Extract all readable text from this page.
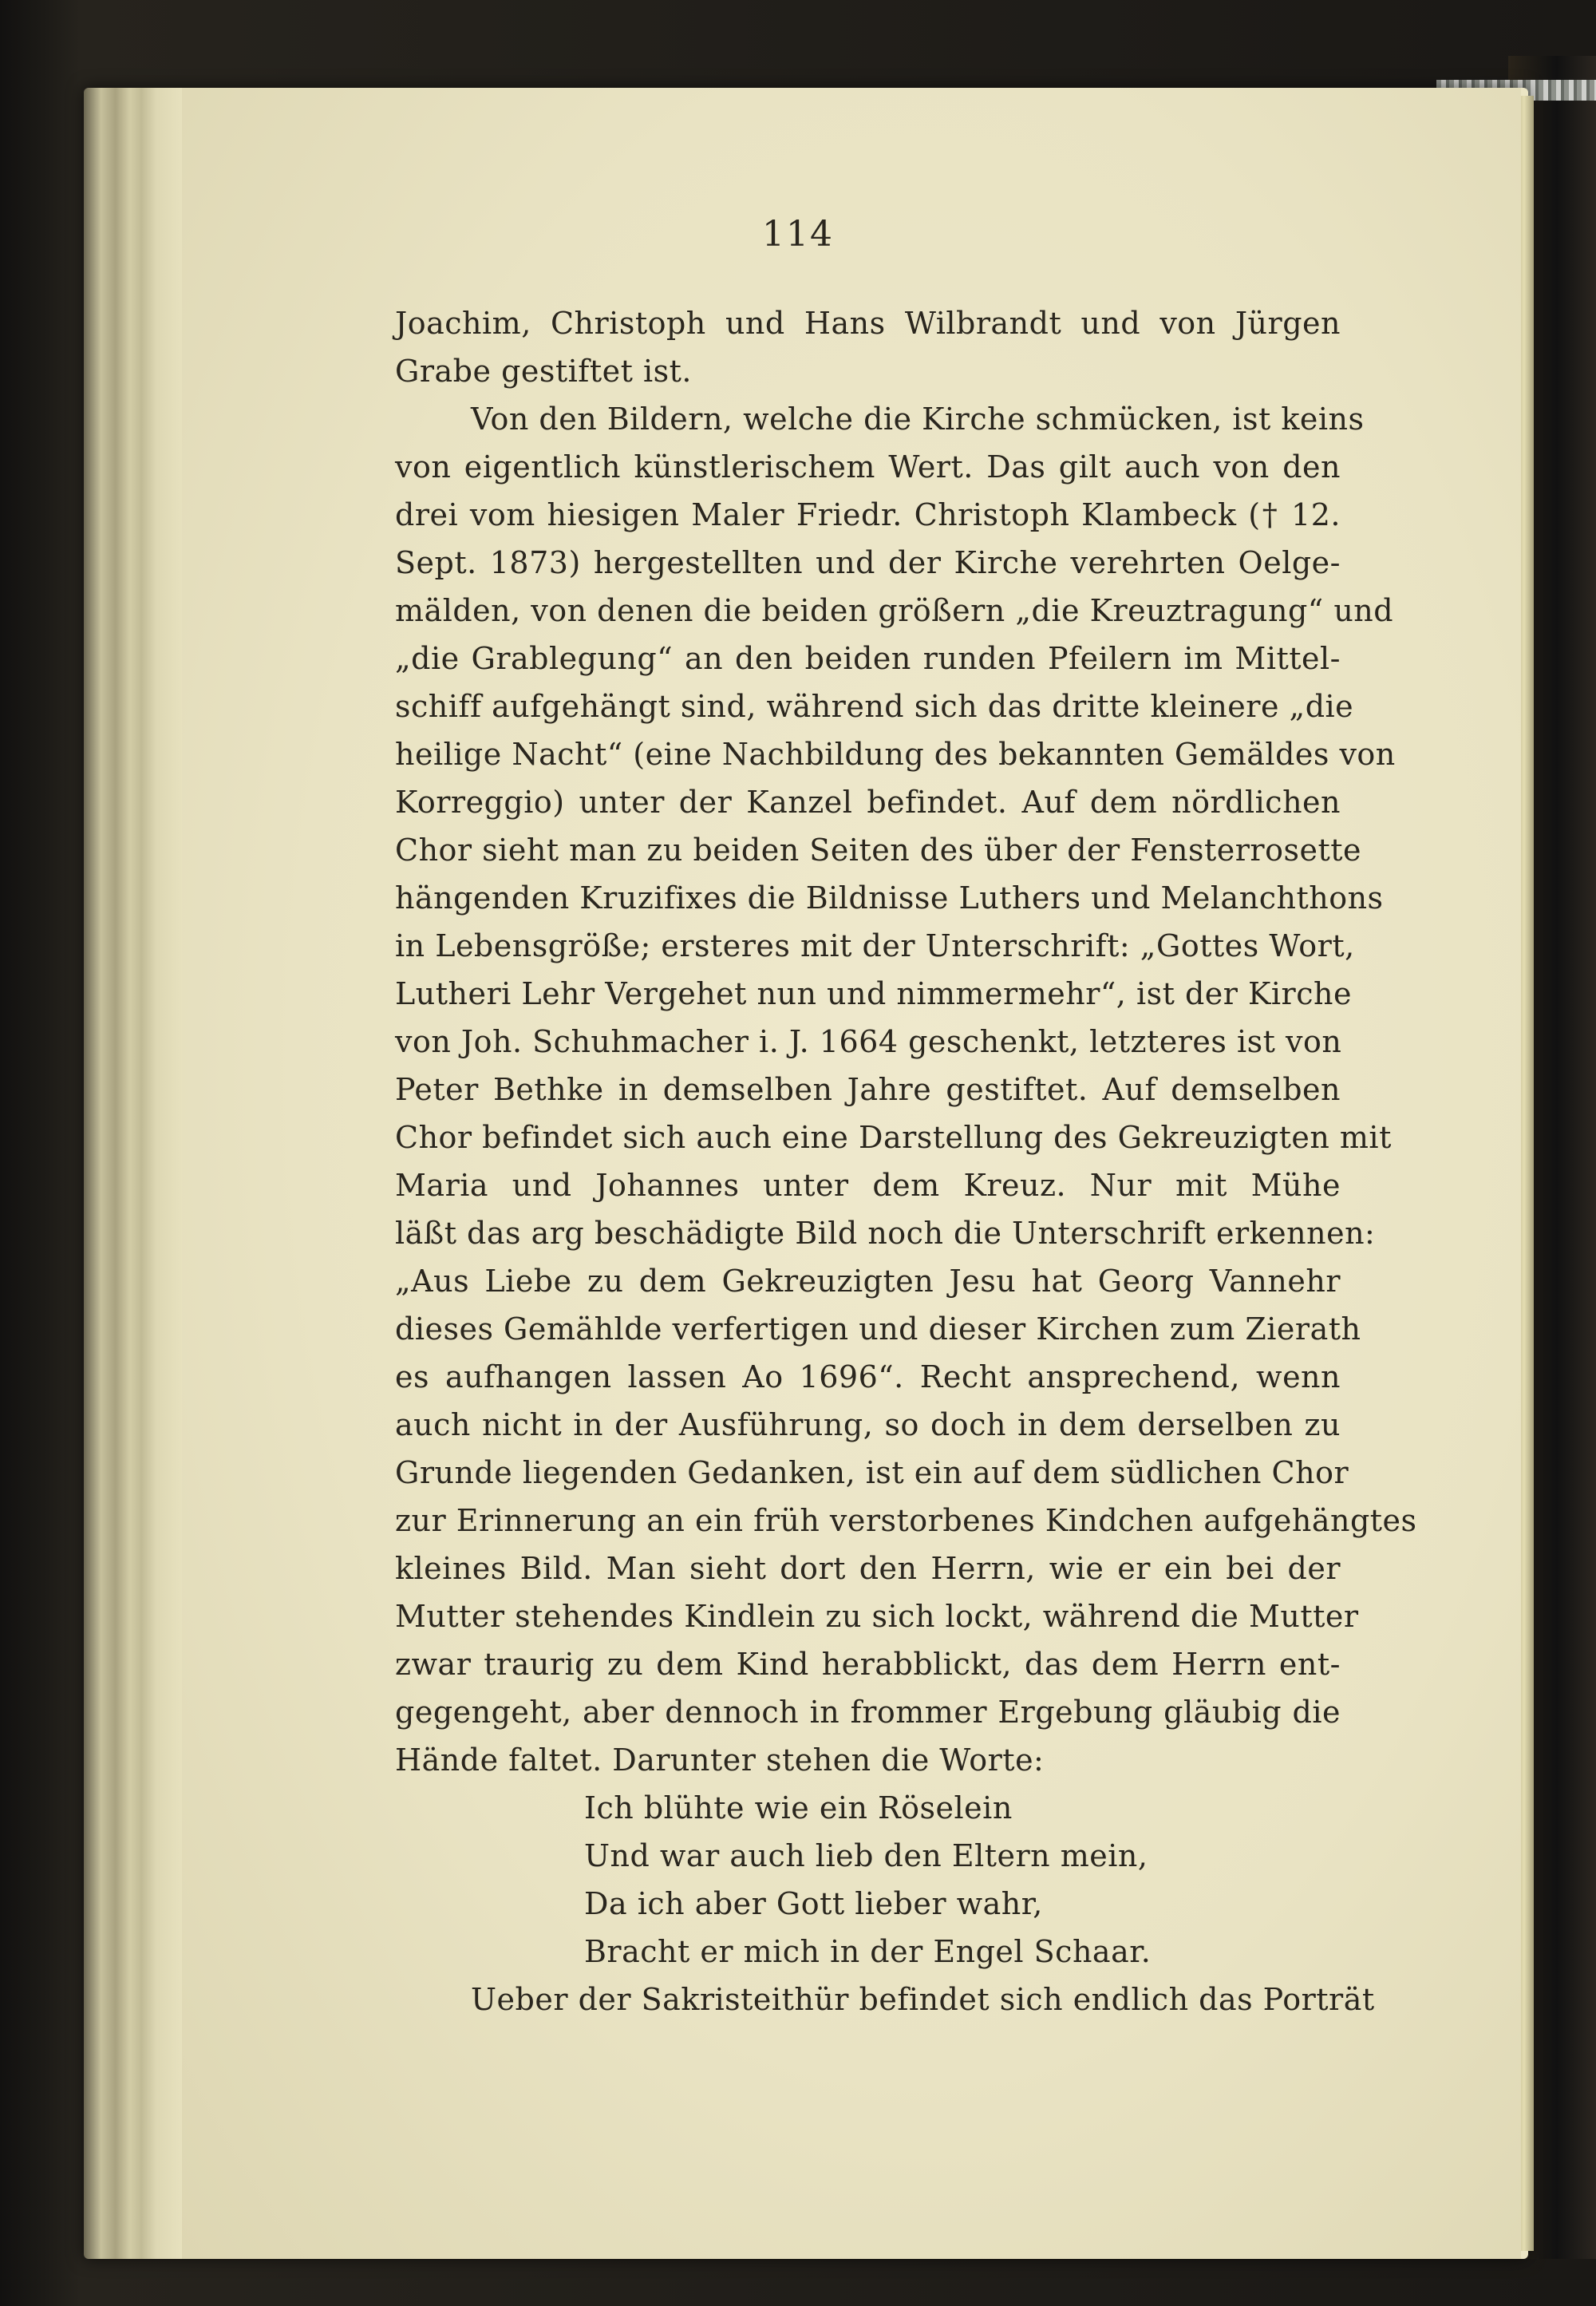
114
Joachim, Christoph und Hans Wilbrandt und von Jürgen
Grabe gestiftet ist.
Von den Bildern, welche die Kirche schmücken, ist keins
von eigentlich künstlerischem Wert. Das gilt auch von den
drei vom hiesigen Maler Friedr. Christoph Klambeck († 12.
Sept. 1873) hergestellten und der Kirche verehrten Oelge-
mälden, von denen die beiden größern „die Kreuztragung“ und
„die Grablegung“ an den beiden runden Pfeilern im Mittel-
schiff aufgehängt sind, während sich das dritte kleinere „die
heilige Nacht“ (eine Nachbildung des bekannten Gemäldes von
Korreggio) unter der Kanzel befindet. Auf dem nördlichen
Chor sieht man zu beiden Seiten des über der Fensterrosette
hängenden Kruzifixes die Bildnisse Luthers und Melanchthons
in Lebensgröße; ersteres mit der Unterschrift: „Gottes Wort,
Lutheri Lehr Vergehet nun und nimmermehr“, ist der Kirche
von Joh. Schuhmacher i. J. 1664 geschenkt, letzteres ist von
Peter Bethke in demselben Jahre gestiftet. Auf demselben
Chor befindet sich auch eine Darstellung des Gekreuzigten mit
Maria und Johannes unter dem Kreuz. Nur mit Mühe
läßt das arg beschädigte Bild noch die Unterschrift erkennen:
„Aus Liebe zu dem Gekreuzigten Jesu hat Georg Vannehr
dieses Gemählde verfertigen und dieser Kirchen zum Zierath
es aufhangen lassen Ao 1696“. Recht ansprechend, wenn
auch nicht in der Ausführung, so doch in dem derselben zu
Grunde liegenden Gedanken, ist ein auf dem südlichen Chor
zur Erinnerung an ein früh verstorbenes Kindchen aufgehängtes
kleines Bild. Man sieht dort den Herrn, wie er ein bei der
Mutter stehendes Kindlein zu sich lockt, während die Mutter
zwar traurig zu dem Kind herabblickt, das dem Herrn ent-
gegengeht, aber dennoch in frommer Ergebung gläubig die
Hände faltet. Darunter stehen die Worte:
Ich blühte wie ein Röselein
Und war auch lieb den Eltern mein,
Da ich aber Gott lieber wahr,
Bracht er mich in der Engel Schaar.
Ueber der Sakristeithür befindet sich endlich das Porträt
